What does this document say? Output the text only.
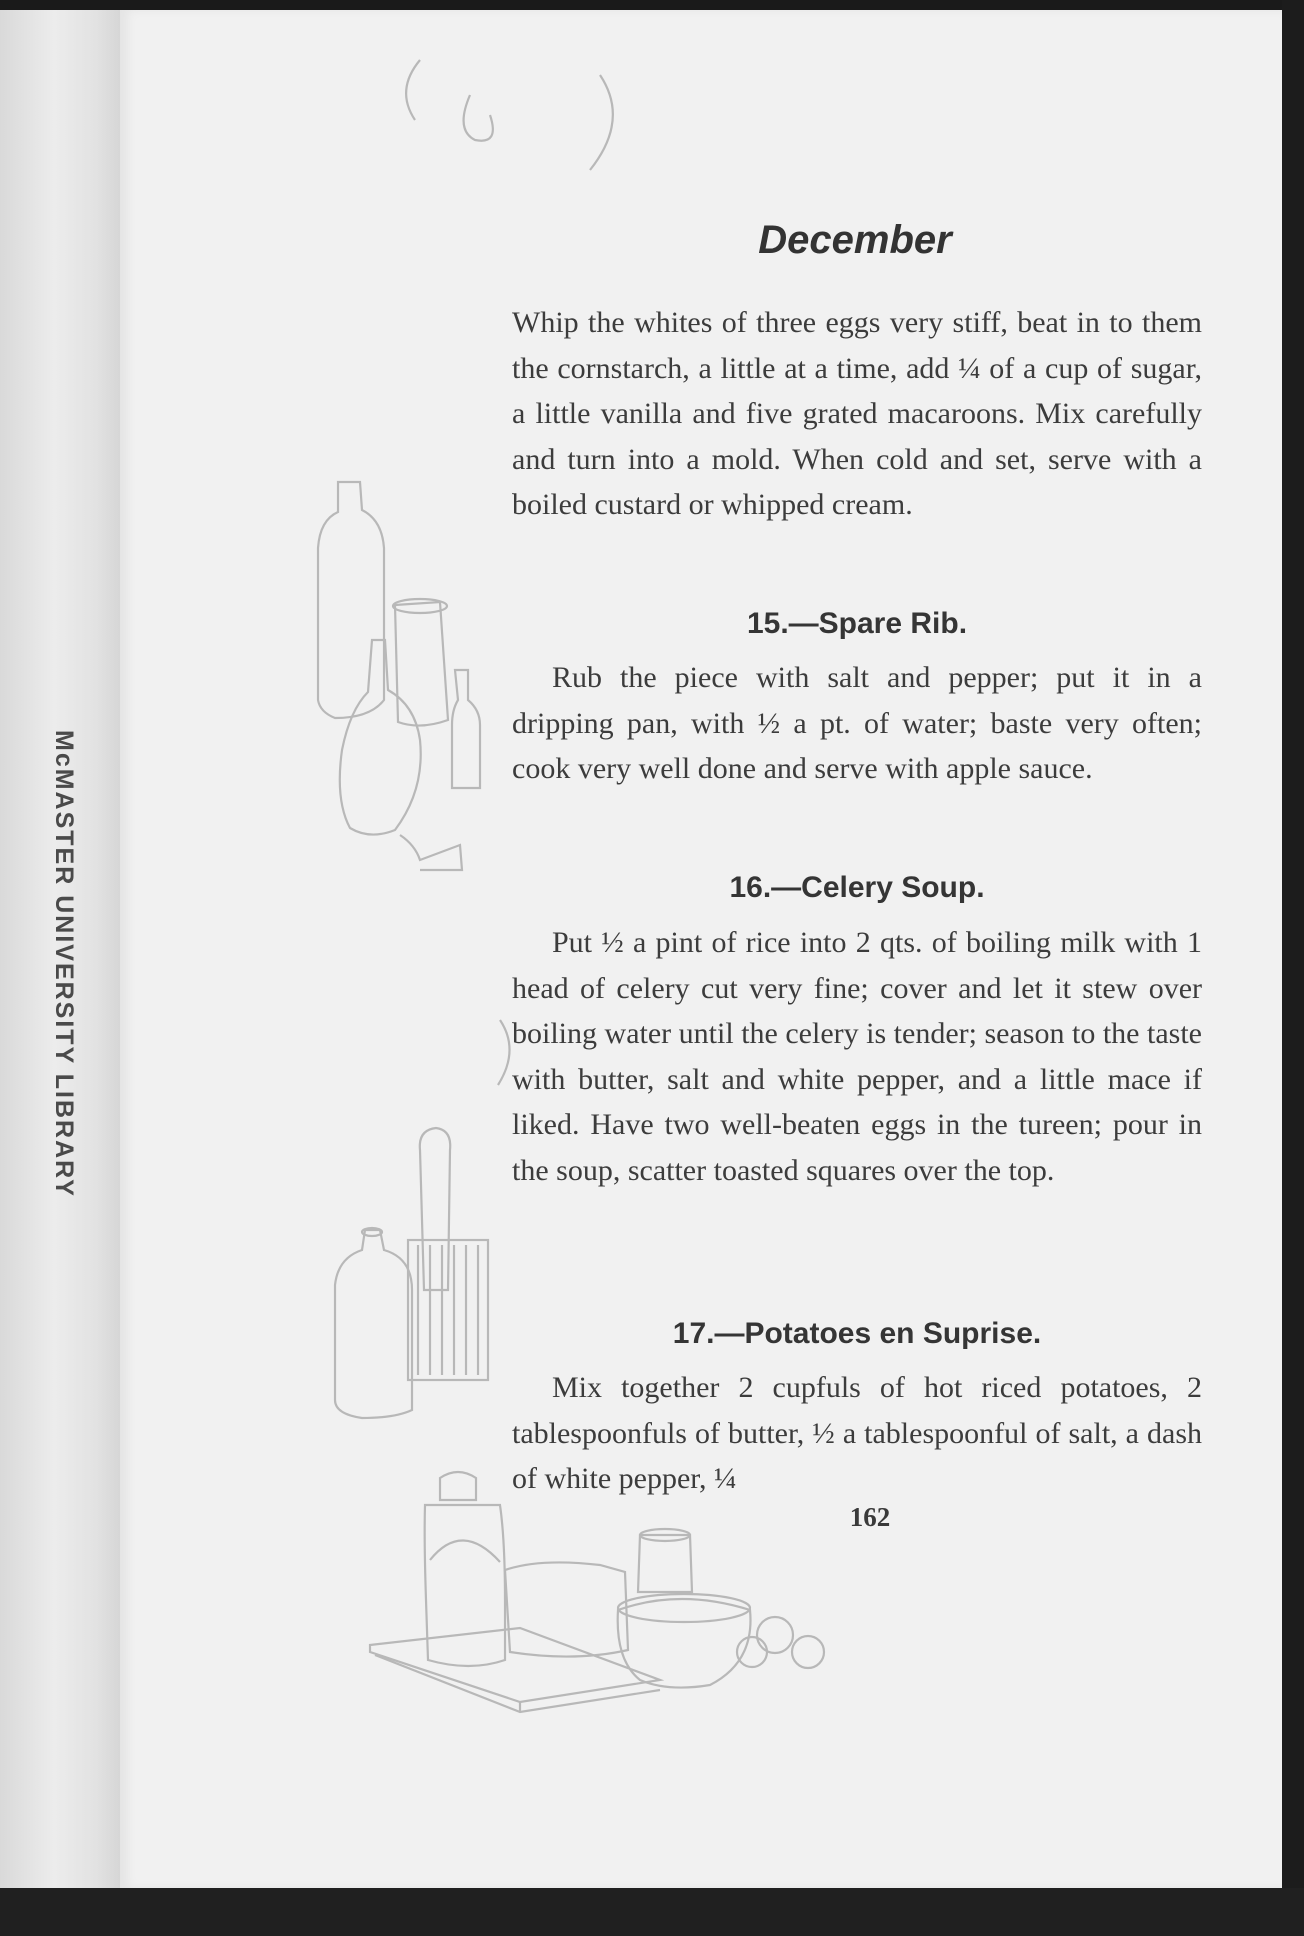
McMASTER UNIVERSITY LIBRARY
December

Whip the whites of three eggs very stiff, beat in to them the cornstarch, a little at a time, add ¼ of a cup of sugar, a little vanilla and five grated macaroons. Mix carefully and turn into a mold. When cold and set, serve with a boiled custard or whipped cream.

15.—Spare Rib.

Rub the piece with salt and pepper; put it in a dripping pan, with ½ a pt. of water; baste very often; cook very well done and serve with apple sauce.

16.—Celery Soup.

Put ½ a pint of rice into 2 qts. of boiling milk with 1 head of celery cut very fine; cover and let it stew over boiling water until the celery is tender; season to the taste with butter, salt and white pepper, and a little mace if liked. Have two well-beaten eggs in the tureen; pour in the soup, scatter toasted squares over the top.

17.—Potatoes en Suprise.

Mix together 2 cupfuls of hot riced potatoes, 2 tablespoonfuls of butter, ½ a tablespoonful of salt, a dash of white pepper, ¼

162
